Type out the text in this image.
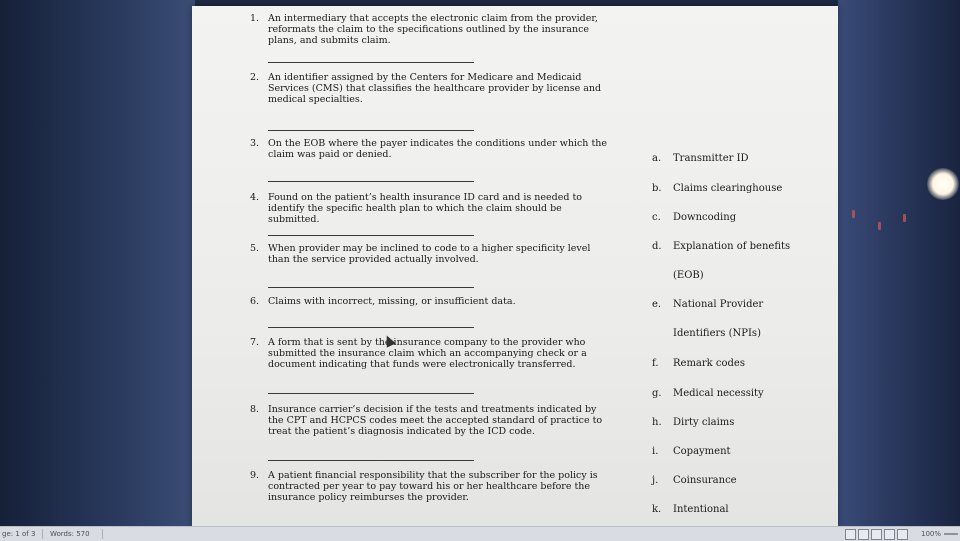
1. An intermediary that accepts the electronic claim from the provider, reformats the claim to the specifications outlined by the insurance plans, and submits claim.
2. An identifier assigned by the Centers for Medicare and Medicaid Services (CMS) that classifies the healthcare provider by license and medical specialties.
3. On the EOB where the payer indicates the conditions under which the claim was paid or denied.
4. Found on the patient’s health insurance ID card and is needed to identify the specific health plan to which the claim should be submitted.
5. When provider may be inclined to code to a higher specificity level than the service provided actually involved.
6. Claims with incorrect, missing, or insufficient data.
7. A form that is sent by the insurance company to the provider who submitted the insurance claim which an accompanying check or a document indicating that funds were electronically transferred.
8. Insurance carrier’s decision if the tests and treatments indicated by the CPT and HCPCS codes meet the accepted standard of practice to treat the patient’s diagnosis indicated by the ICD code.
9. A patient financial responsibility that the subscriber for the policy is contracted per year to pay toward his or her healthcare before the insurance policy reimburses the provider.
a. Transmitter ID
b. Claims clearinghouse
c. Downcoding
d. Explanation of benefits
(EOB)
e. National Provider
Identifiers (NPIs)
f. Remark codes
g. Medical necessity
h. Dirty claims
i. Copayment
j. Coinsurance
k. Intentional
ge: 1 of 3 Words: 570	100%
